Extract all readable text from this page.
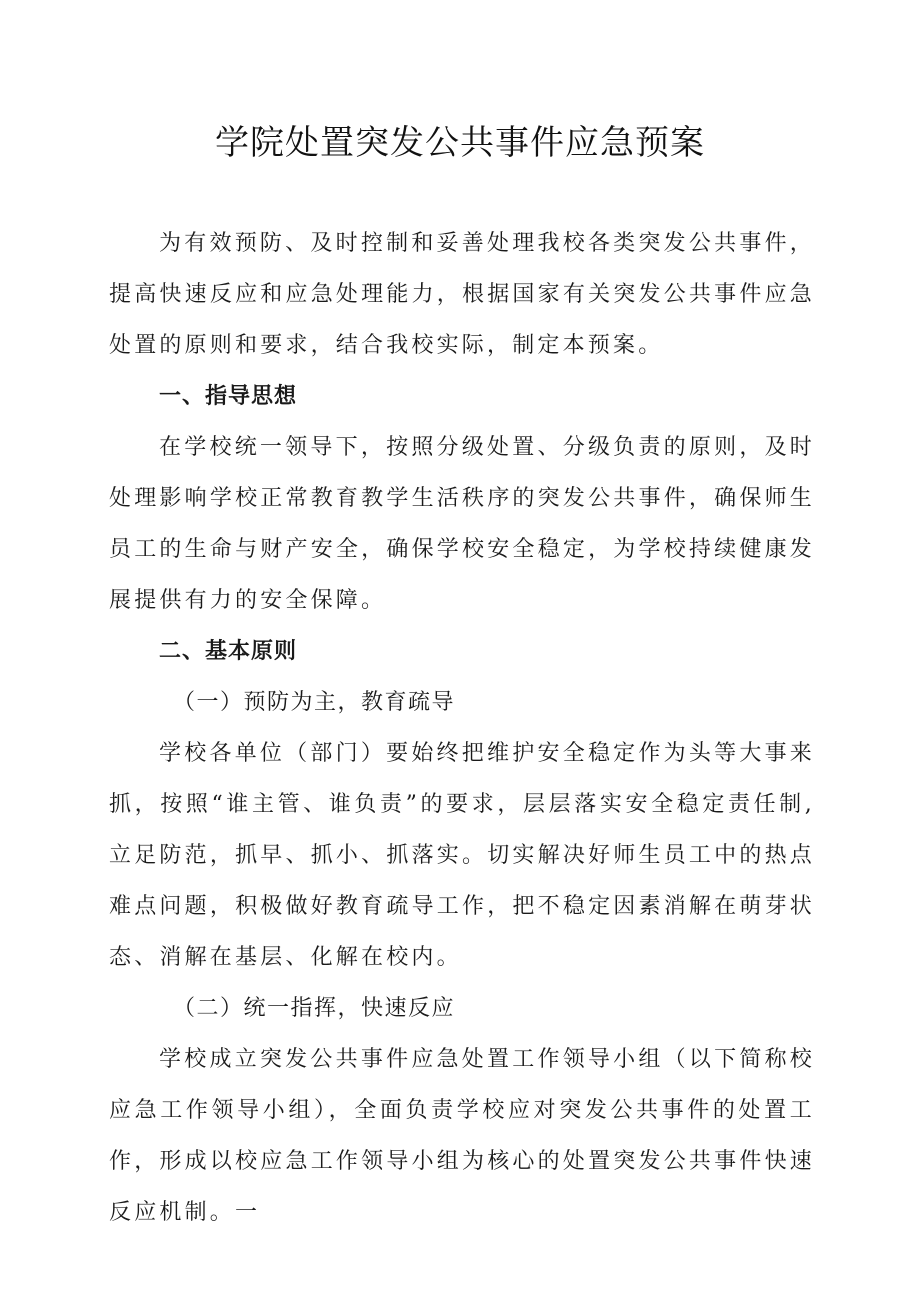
学院处置突发公共事件应急预案

为有效预防、及时控制和妥善处理我校各类突发公共事件，提高快速反应和应急处理能力，根据国家有关突发公共事件应急处置的原则和要求，结合我校实际，制定本预案。

一、指导思想

在学校统一领导下，按照分级处置、分级负责的原则，及时处理影响学校正常教育教学生活秩序的突发公共事件，确保师生员工的生命与财产安全，确保学校安全稳定，为学校持续健康发展提供有力的安全保障。

二、基本原则

（一）预防为主，教育疏导

学校各单位（部门）要始终把维护安全稳定作为头等大事来抓，按照“谁主管、谁负责”的要求，层层落实安全稳定责任制,立足防范，抓早、抓小、抓落实。切实解决好师生员工中的热点难点问题，积极做好教育疏导工作，把不稳定因素消解在萌芽状态、消解在基层、化解在校内。

（二）统一指挥，快速反应

学校成立突发公共事件应急处置工作领导小组（以下简称校应急工作领导小组），全面负责学校应对突发公共事件的处置工作，形成以校应急工作领导小组为核心的处置突发公共事件快速反应机制。一
